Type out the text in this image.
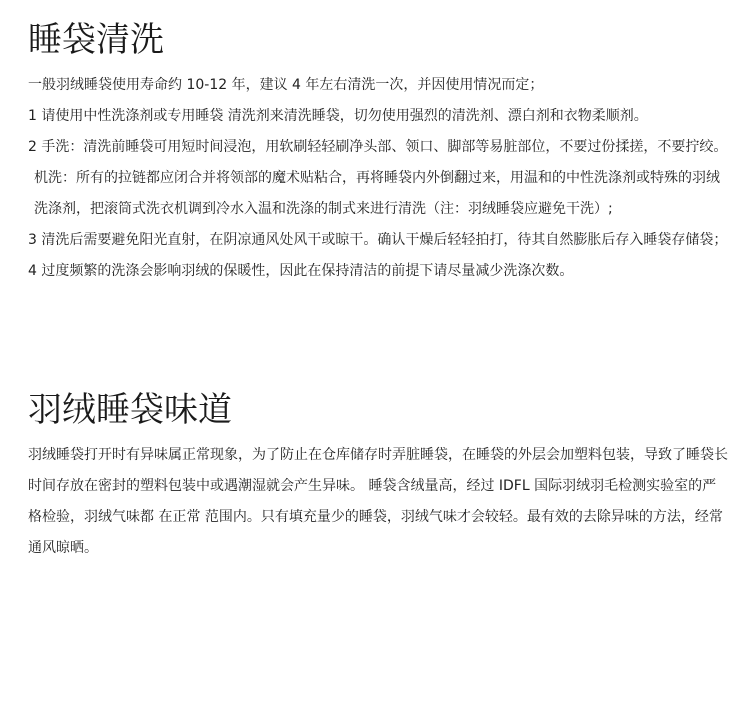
睡袋清洗

一般羽绒睡袋使用寿命约 10-12 年，建议 4 年左右清洗一次，并因使用情况而定；

1 请使用中性洗涤剂或专用睡袋 清洗剂来清洗睡袋，切勿使用强烈的清洗剂、漂白剂和衣物柔顺剂。

2 手洗：清洗前睡袋可用短时间浸泡，用软刷轻轻刷净头部、领口、脚部等易脏部位，不要过份揉搓，不要拧绞。

机洗：所有的拉链都应闭合并将领部的魔术贴粘合，再将睡袋内外倒翻过来，用温和的中性洗涤剂或特殊的羽绒洗涤剂，把滚筒式洗衣机调到冷水入温和洗涤的制式来进行清洗（注：羽绒睡袋应避免干洗）;

3 清洗后需要避免阳光直射，在阴凉通风处风干或晾干。确认干燥后轻轻拍打，待其自然膨胀后存入睡袋存储袋；

4 过度频繁的洗涤会影响羽绒的保暖性，因此在保持清洁的前提下请尽量减少洗涤次数。

羽绒睡袋味道

羽绒睡袋打开时有异味属正常现象，为了防止在仓库储存时弄脏睡袋，在睡袋的外层会加塑料包装，导致了睡袋长时间存放在密封的塑料包装中或遇潮湿就会产生异味。 睡袋含绒量高，经过 IDFL 国际羽绒羽毛检测实验室的严格检验，羽绒气味都 在正常 范围内。只有填充量少的睡袋，羽绒气味才会较轻。最有效的去除异味的方法，经常通风晾晒。
